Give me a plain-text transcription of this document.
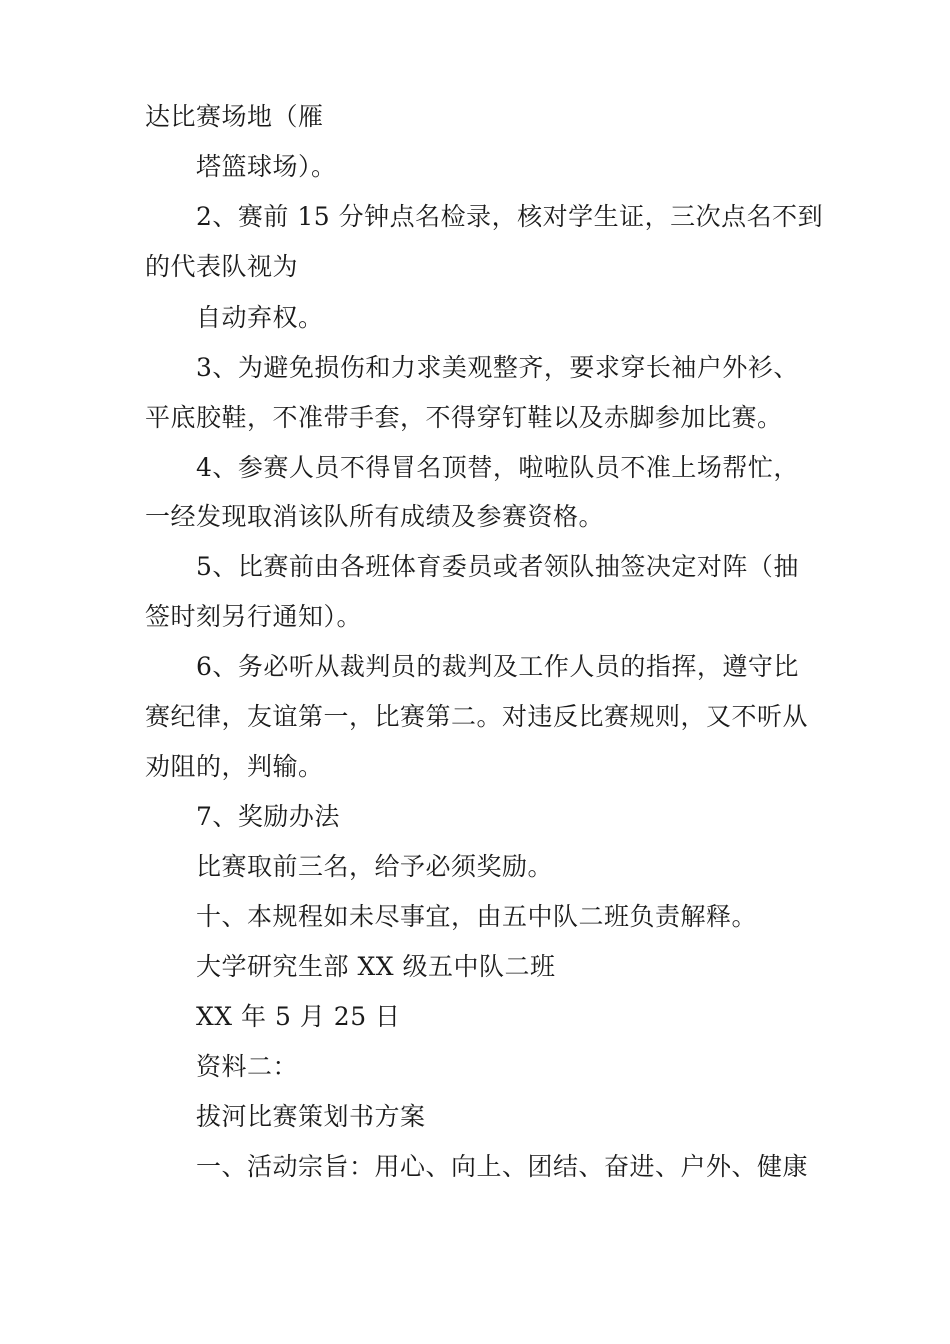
达比赛场地（雁
塔篮球场）。
2、赛前 15 分钟点名检录，核对学生证，三次点名不到
的代表队视为
自动弃权。
3、为避免损伤和力求美观整齐，要求穿长袖户外衫、
平底胶鞋，不准带手套，不得穿钉鞋以及赤脚参加比赛。
4、参赛人员不得冒名顶替，啦啦队员不准上场帮忙，
一经发现取消该队所有成绩及参赛资格。
5、比赛前由各班体育委员或者领队抽签决定对阵（抽
签时刻另行通知）。
6、务必听从裁判员的裁判及工作人员的指挥，遵守比
赛纪律，友谊第一，比赛第二。对违反比赛规则，又不听从
劝阻的，判输。
7、奖励办法
比赛取前三名，给予必须奖励。
十、本规程如未尽事宜，由五中队二班负责解释。
大学研究生部 XX 级五中队二班
XX 年 5 月 25 日
资料二：
拔河比赛策划书方案
一、活动宗旨：用心、向上、团结、奋进、户外、健康
